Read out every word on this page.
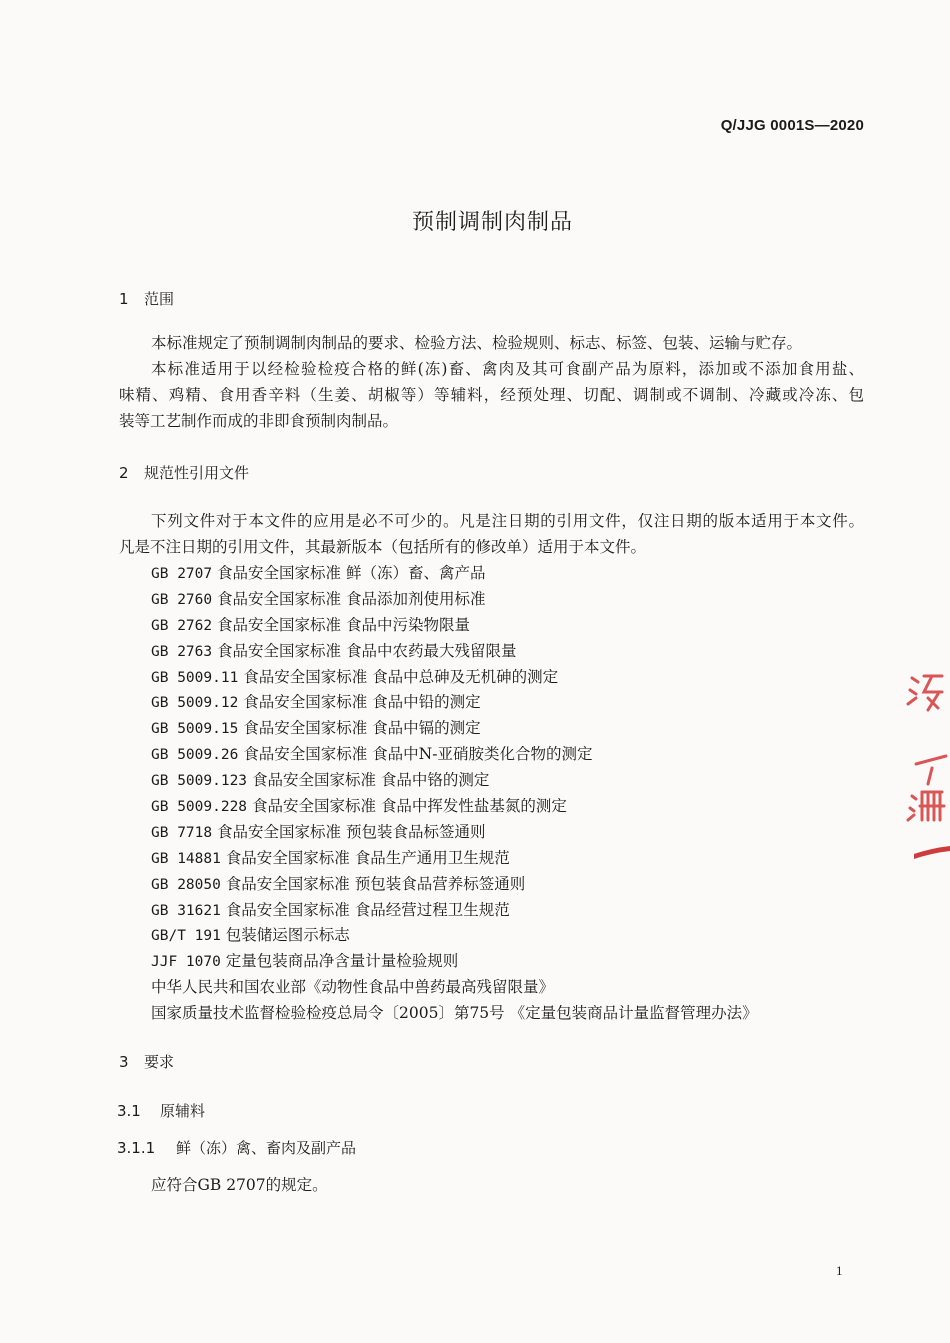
Q/JJG 0001S—2020
预制调制肉制品
1 范围
本标准规定了预制调制肉制品的要求、检验方法、检验规则、标志、标签、包装、运输与贮存。
本标准适用于以经检验检疫合格的鲜(冻)畜、禽肉及其可食副产品为原料，添加或不添加食用盐、
味精、鸡精、食用香辛料（生姜、胡椒等）等辅料，经预处理、切配、调制或不调制、冷藏或冷冻、包
装等工艺制作而成的非即食预制肉制品。
2 规范性引用文件
下列文件对于本文件的应用是必不可少的。凡是注日期的引用文件，仅注日期的版本适用于本文件。
凡是不注日期的引用文件，其最新版本（包括所有的修改单）适用于本文件。
GB 2707 食品安全国家标准 鲜（冻）畜、禽产品
GB 2760 食品安全国家标准 食品添加剂使用标准
GB 2762 食品安全国家标准 食品中污染物限量
GB 2763 食品安全国家标准 食品中农药最大残留限量
GB 5009.11 食品安全国家标准 食品中总砷及无机砷的测定
GB 5009.12 食品安全国家标准 食品中铅的测定
GB 5009.15 食品安全国家标准 食品中镉的测定
GB 5009.26 食品安全国家标准 食品中N-亚硝胺类化合物的测定
GB 5009.123 食品安全国家标准 食品中铬的测定
GB 5009.228 食品安全国家标准 食品中挥发性盐基氮的测定
GB 7718 食品安全国家标准 预包装食品标签通则
GB 14881 食品安全国家标准 食品生产通用卫生规范
GB 28050 食品安全国家标准 预包装食品营养标签通则
GB 31621 食品安全国家标准 食品经营过程卫生规范
GB/T 191 包装储运图示标志
JJF 1070 定量包装商品净含量计量检验规则
中华人民共和国农业部《动物性食品中兽药最高残留限量》
国家质量技术监督检验检疫总局令〔2005〕第75号 《定量包装商品计量监督管理办法》
3 要求
3.1 原辅料
3.1.1 鲜（冻）禽、畜肉及副产品
应符合GB 2707的规定。
1
